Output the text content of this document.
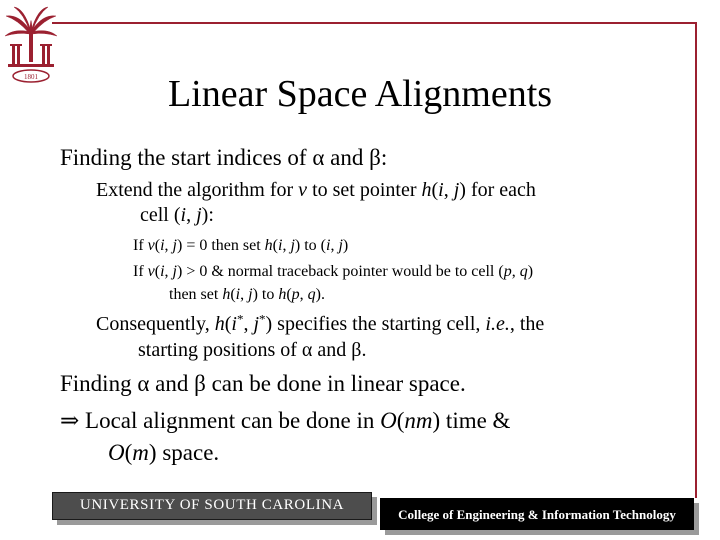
1801	Linear Space Alignments
Finding the start indices of α and β:
Extend the algorithm for v to set pointer h(i, j) for each
cell (i, j):
If v(i, j) = 0 then set h(i, j) to (i, j)
If v(i, j) > 0 & normal traceback pointer would be to cell (p, q)
then set h(i, j) to h(p, q).
Consequently, h(i*, j*) specifies the starting cell, i.e., the
starting positions of α and β.
Finding α and β can be done in linear space.
⇒ Local alignment can be done in O(nm) time &
O(m) space.
UNIVERSITY OF SOUTH CAROLINA
College of Engineering & Information Technology
